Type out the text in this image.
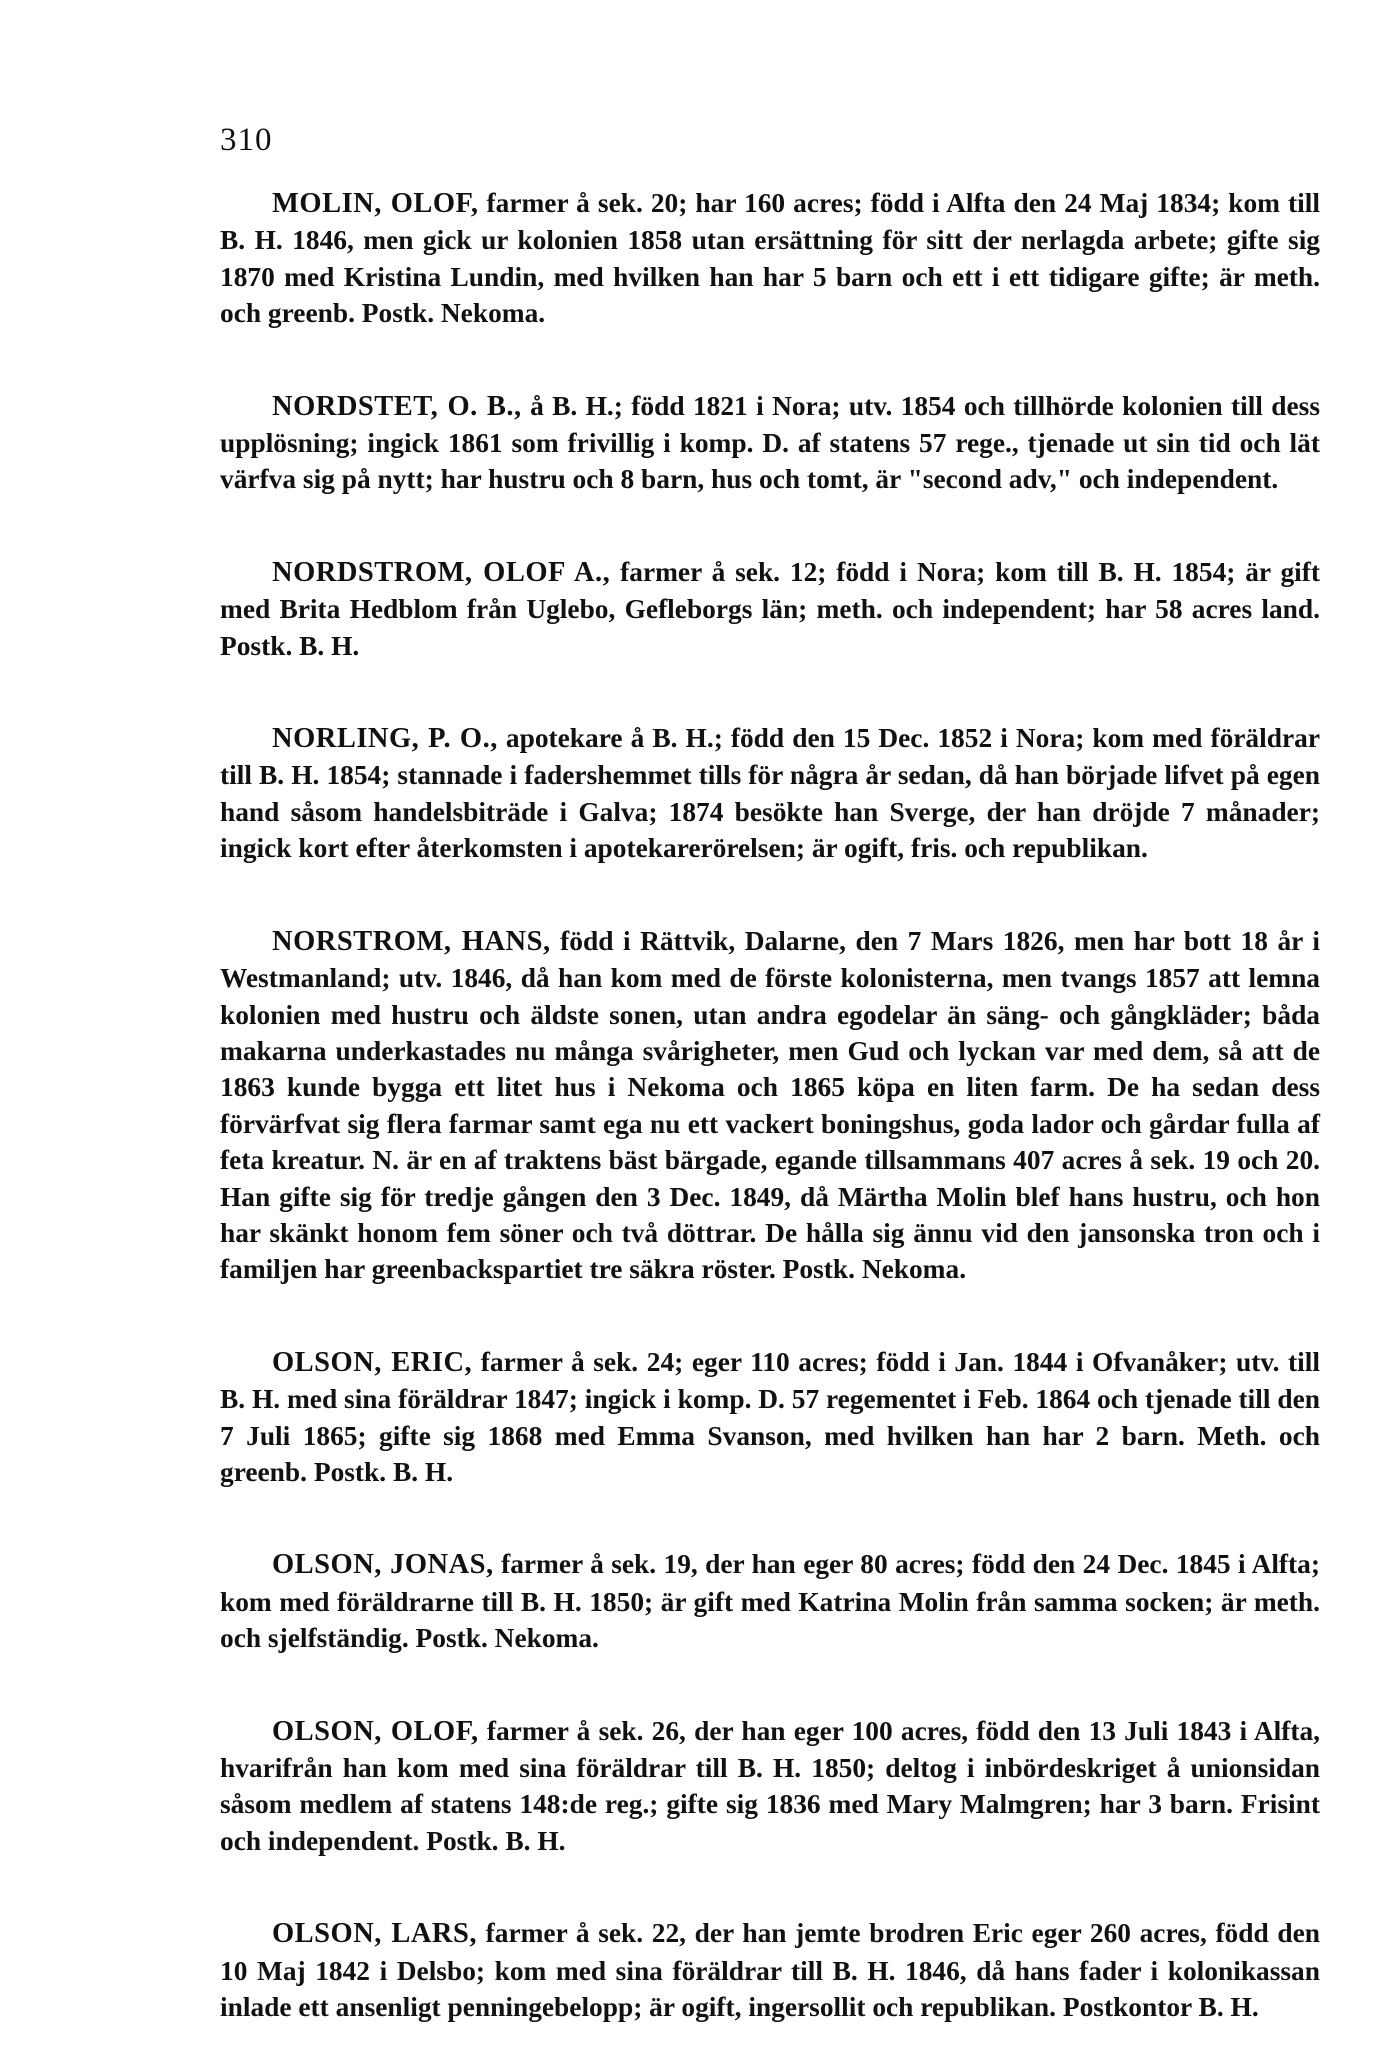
310

MOLIN, OLOF, farmer å sek. 20; har 160 acres; född i Alfta den 24 Maj 1834; kom till B. H. 1846, men gick ur kolonien 1858 utan ersättning för sitt der nerlagda arbete; gifte sig 1870 med Kristina Lundin, med hvilken han har 5 barn och ett i ett tidigare gifte; är meth. och greenb. Postk. Nekoma.

NORDSTET, O. B., å B. H.; född 1821 i Nora; utv. 1854 och tillhörde kolonien till dess upplösning; ingick 1861 som frivillig i komp. D. af statens 57 rege., tjenade ut sin tid och lät värfva sig på nytt; har hustru och 8 barn, hus och tomt, är "second adv," och independent.

NORDSTROM, OLOF A., farmer å sek. 12; född i Nora; kom till B. H. 1854; är gift med Brita Hedblom från Uglebo, Gefleborgs län; meth. och independent; har 58 acres land. Postk. B. H.

NORLING, P. O., apotekare å B. H.; född den 15 Dec. 1852 i Nora; kom med föräldrar till B. H. 1854; stannade i fadershemmet tills för några år sedan, då han började lifvet på egen hand såsom handelsbiträde i Galva; 1874 besökte han Sverge, der han dröjde 7 månader; ingick kort efter återkomsten i apotekarerörelsen; är ogift, fris. och republikan.

NORSTROM, HANS, född i Rättvik, Dalarne, den 7 Mars 1826, men har bott 18 år i Westmanland; utv. 1846, då han kom med de förste kolonisterna, men tvangs 1857 att lemna kolonien med hustru och äldste sonen, utan andra egodelar än säng- och gångkläder; båda makarna underkastades nu många svårigheter, men Gud och lyckan var med dem, så att de 1863 kunde bygga ett litet hus i Nekoma och 1865 köpa en liten farm. De ha sedan dess förvärfvat sig flera farmar samt ega nu ett vackert boningshus, goda lador och gårdar fulla af feta kreatur. N. är en af traktens bäst bärgade, egande tillsammans 407 acres å sek. 19 och 20. Han gifte sig för tredje gången den 3 Dec. 1849, då Märtha Molin blef hans hustru, och hon har skänkt honom fem söner och två döttrar. De hålla sig ännu vid den jansonska tron och i familjen har greenbackspartiet tre säkra röster. Postk. Nekoma.

OLSON, ERIC, farmer å sek. 24; eger 110 acres; född i Jan. 1844 i Ofvanåker; utv. till B. H. med sina föräldrar 1847; ingick i komp. D. 57 regementet i Feb. 1864 och tjenade till den 7 Juli 1865; gifte sig 1868 med Emma Svanson, med hvilken han har 2 barn. Meth. och greenb. Postk. B. H.

OLSON, JONAS, farmer å sek. 19, der han eger 80 acres; född den 24 Dec. 1845 i Alfta; kom med föräldrarne till B. H. 1850; är gift med Katrina Molin från samma socken; är meth. och sjelfständig. Postk. Nekoma.

OLSON, OLOF, farmer å sek. 26, der han eger 100 acres, född den 13 Juli 1843 i Alfta, hvarifrån han kom med sina föräldrar till B. H. 1850; deltog i inbördeskriget å unionsidan såsom medlem af statens 148:de reg.; gifte sig 1836 med Mary Malmgren; har 3 barn. Frisint och independent. Postk. B. H.

OLSON, LARS, farmer å sek. 22, der han jemte brodren Eric eger 260 acres, född den 10 Maj 1842 i Delsbo; kom med sina föräldrar till B. H. 1846, då hans fader i kolonikassan inlade ett ansenligt penningebelopp; är ogift, ingersollit och republikan. Postkontor B. H.
